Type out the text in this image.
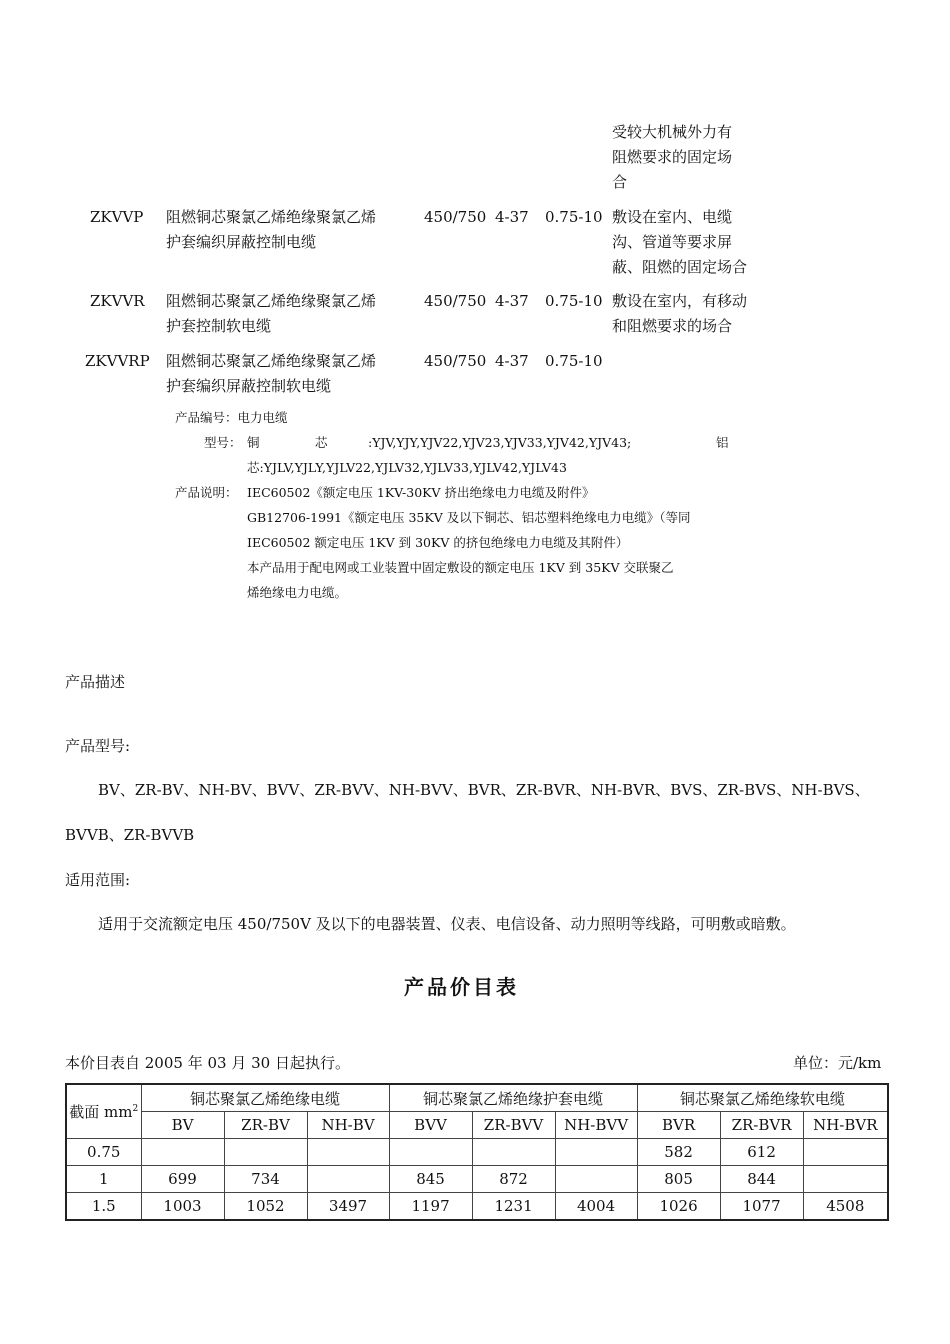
受较大机械外力有
阻燃要求的固定场
合
ZKVVP 阻燃铜芯聚氯乙烯绝缘聚氯乙烯
护套编织屏蔽控制电缆
450/750 4-37 0.75-10 敷设在室内、电缆
沟、管道等要求屏
蔽、阻燃的固定场合
ZKVVR 阻燃铜芯聚氯乙烯绝缘聚氯乙烯
护套控制软电缆
450/750 4-37 0.75-10 敷设在室内，有移动
和阻燃要求的场合
ZKVVRP 阻燃铜芯聚氯乙烯绝缘聚氯乙烯
护套编织屏蔽控制软电缆
450/750 4-37 0.75-10
产品编号：电力电缆
型号： 铜	芯	:YJV,YJY,YJV22,YJV23,YJV33,YJV42,YJV43;	铝
芯:YJLV,YJLY,YJLV22,YJLV32,YJLV33,YJLV42,YJLV43
产品说明： IEC60502《额定电压 1KV-30KV 挤出绝缘电力电缆及附件》
GB12706-1991《额定电压 35KV 及以下铜芯、铝芯塑料绝缘电力电缆》（等同
IEC60502 额定电压 1KV 到 30KV 的挤包绝缘电力电缆及其附件）
本产品用于配电网或工业装置中固定敷设的额定电压 1KV 到 35KV 交联聚乙
烯绝缘电力电缆。
产品描述
产品型号:
BV、ZR-BV、NH-BV、BVV、ZR-BVV、NH-BVV、BVR、ZR-BVR、NH-BVR、BVS、ZR-BVS、NH-BVS、
BVVB、ZR-BVVB
适用范围:
适用于交流额定电压 450/750V 及以下的电器装置、仪表、电信设备、动力照明等线路，可明敷或暗敷。
产品价目表
本价目表自 2005 年 03 月 30 日起执行。	单位：元/km
截面 $mm^2$	铜芯聚氯乙烯绝缘电缆			铜芯聚氯乙烯绝缘护套电缆			铜芯聚氯乙烯绝缘软电缆		
	BV	ZR-BV	NH-BV	BVV	ZR-BVV	NH-BVV	BVR	ZR-BVR	NH-BVR
0.75							582	612	
1	699	734		845	872		805	844	
1.5	1003	1052	3497	1197	1231	4004	1026	1077	4508
